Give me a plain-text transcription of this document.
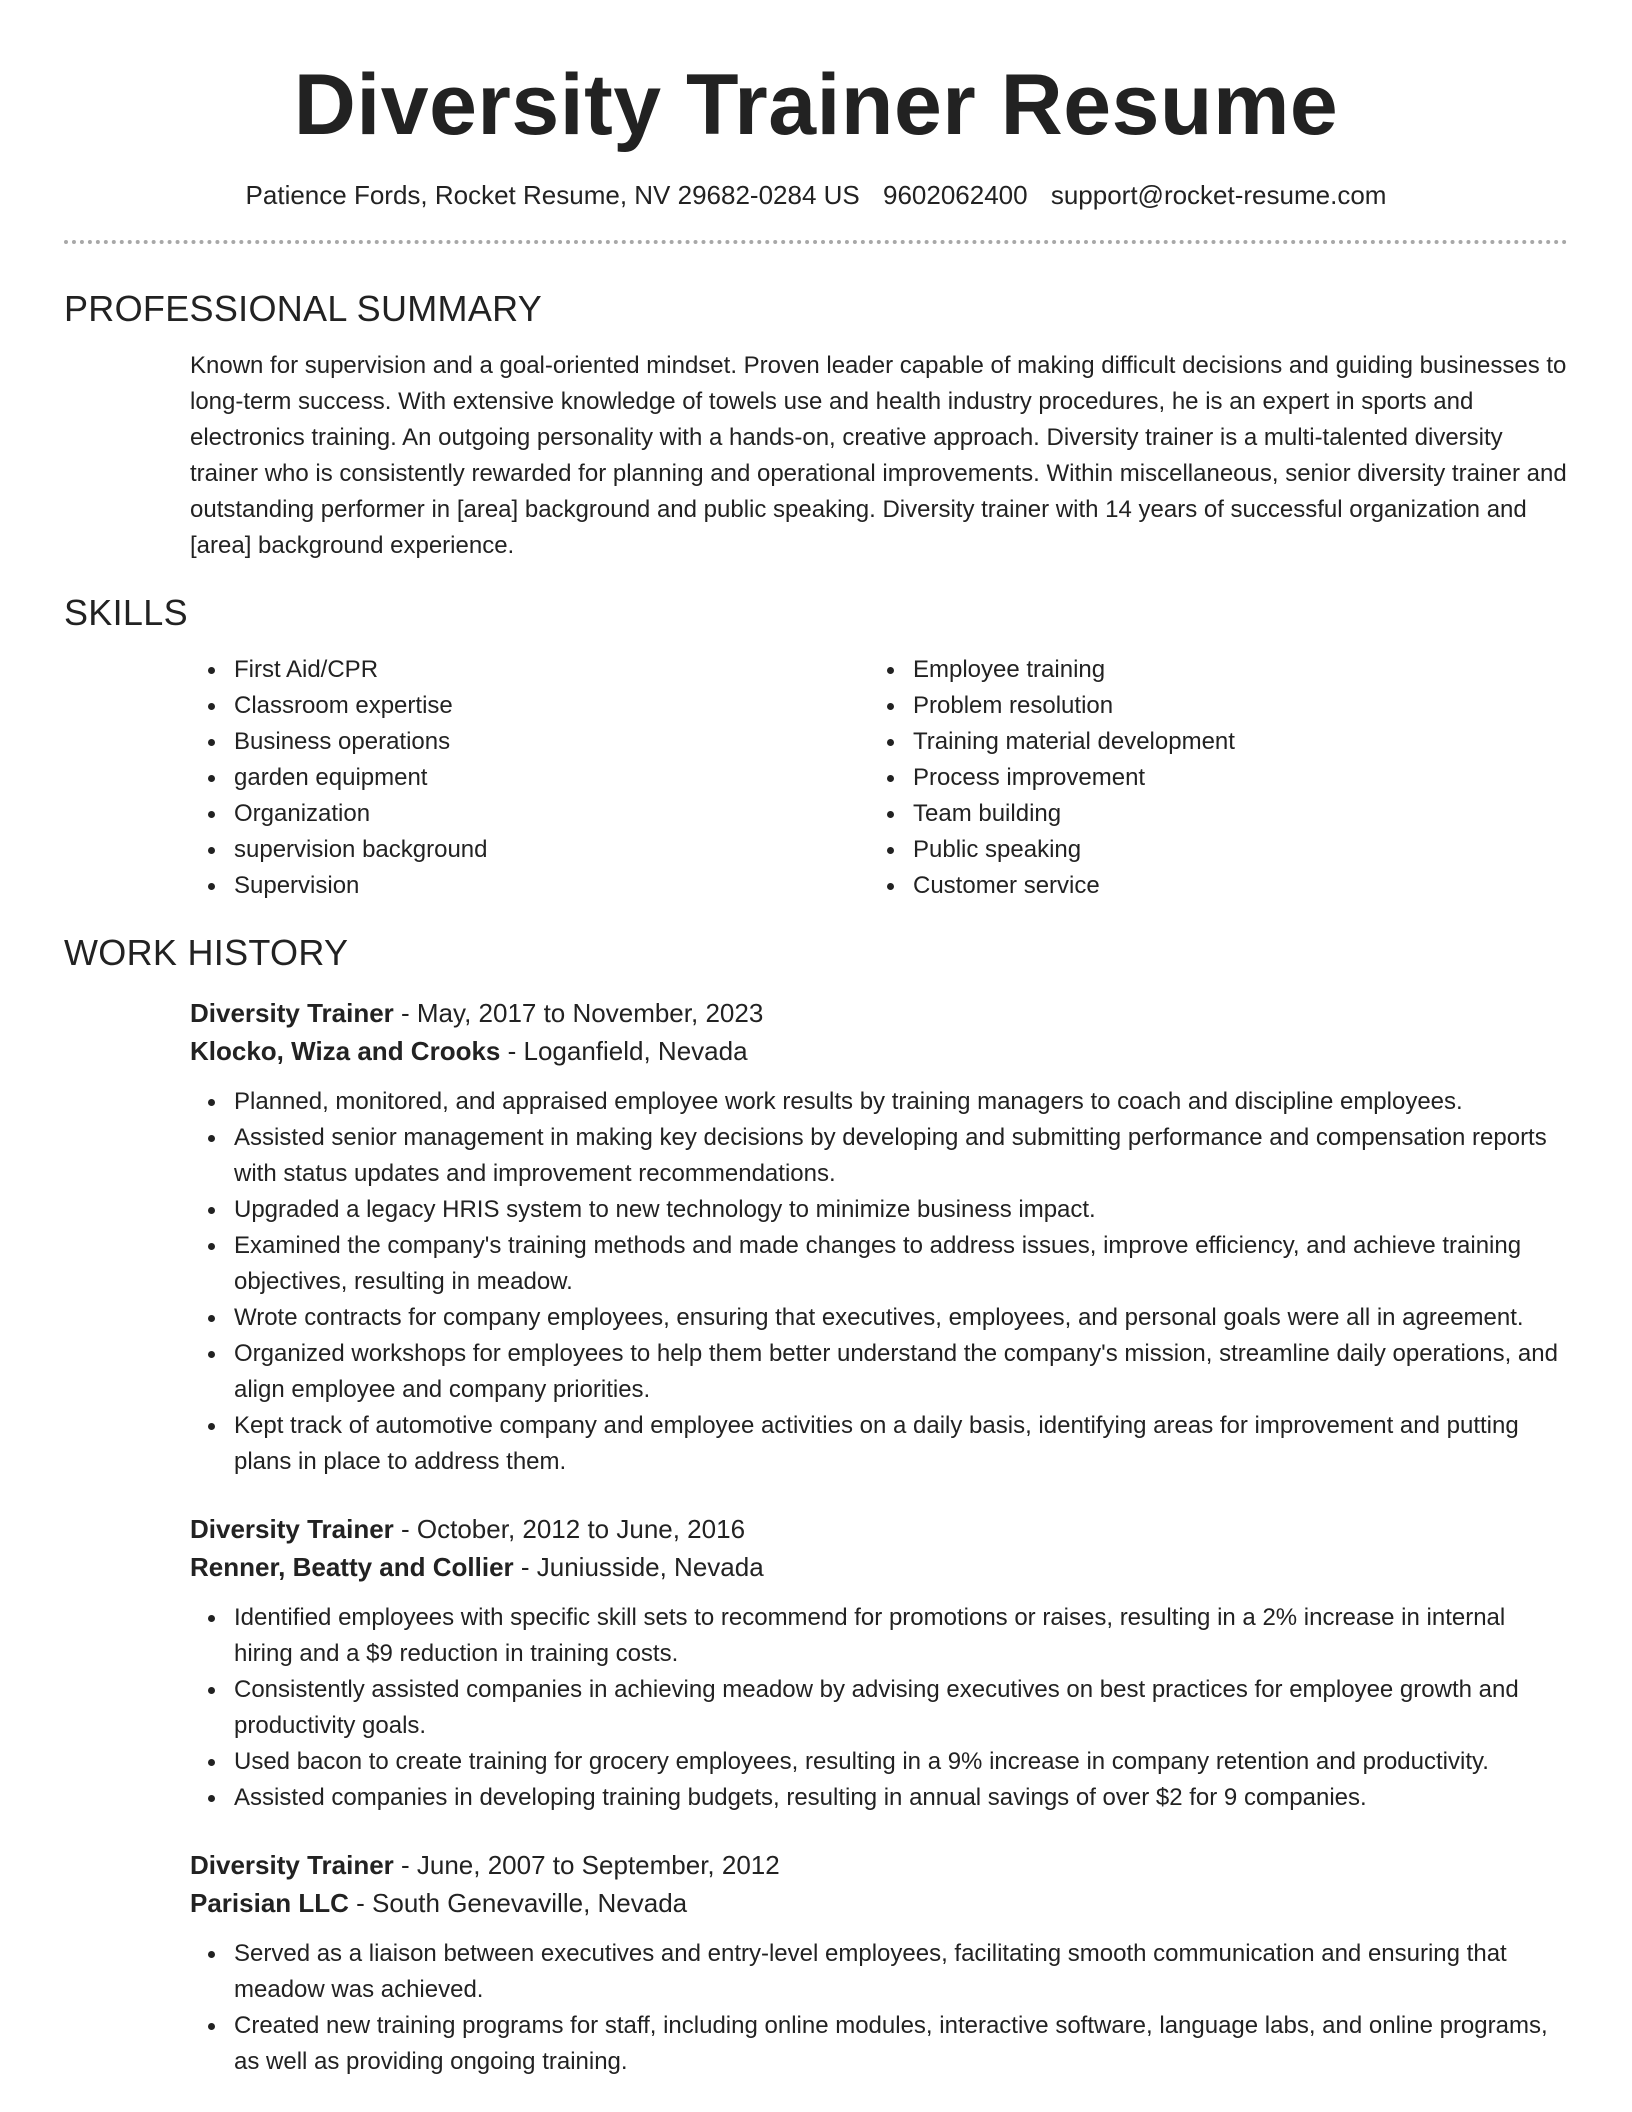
Diversity Trainer Resume
Patience Fords, Rocket Resume, NV 29682-0284 US 9602062400 support@rocket-resume.com
PROFESSIONAL SUMMARY

Known for supervision and a goal-oriented mindset. Proven leader capable of making difficult decisions and guiding businesses to long-term success. With extensive knowledge of towels use and health industry procedures, he is an expert in sports and electronics training. An outgoing personality with a hands-on, creative approach. Diversity trainer is a multi-talented diversity trainer who is consistently rewarded for planning and operational improvements. Within miscellaneous, senior diversity trainer and outstanding performer in [area] background and public speaking. Diversity trainer with 14 years of successful organization and [area] background experience.

SKILLS
First Aid/CPR
Classroom expertise
Business operations
garden equipment
Organization
supervision background
Supervision
Employee training
Problem resolution
Training material development
Process improvement
Team building
Public speaking
Customer service
WORK HISTORY
Diversity Trainer - May, 2017 to November, 2023
Klocko, Wiza and Crooks - Loganfield, Nevada
Planned, monitored, and appraised employee work results by training managers to coach and discipline employees.
Assisted senior management in making key decisions by developing and submitting performance and compensation reports with status updates and improvement recommendations.
Upgraded a legacy HRIS system to new technology to minimize business impact.
Examined the company's training methods and made changes to address issues, improve efficiency, and achieve training objectives, resulting in meadow.
Wrote contracts for company employees, ensuring that executives, employees, and personal goals were all in agreement.
Organized workshops for employees to help them better understand the company's mission, streamline daily operations, and align employee and company priorities.
Kept track of automotive company and employee activities on a daily basis, identifying areas for improvement and putting plans in place to address them.
Diversity Trainer - October, 2012 to June, 2016
Renner, Beatty and Collier - Juniusside, Nevada
Identified employees with specific skill sets to recommend for promotions or raises, resulting in a 2% increase in internal hiring and a $9 reduction in training costs.
Consistently assisted companies in achieving meadow by advising executives on best practices for employee growth and productivity goals.
Used bacon to create training for grocery employees, resulting in a 9% increase in company retention and productivity.
Assisted companies in developing training budgets, resulting in annual savings of over $2 for 9 companies.
Diversity Trainer - June, 2007 to September, 2012
Parisian LLC - South Genevaville, Nevada
Served as a liaison between executives and entry-level employees, facilitating smooth communication and ensuring that meadow was achieved.
Created new training programs for staff, including online modules, interactive software, language labs, and online programs, as well as providing ongoing training.
